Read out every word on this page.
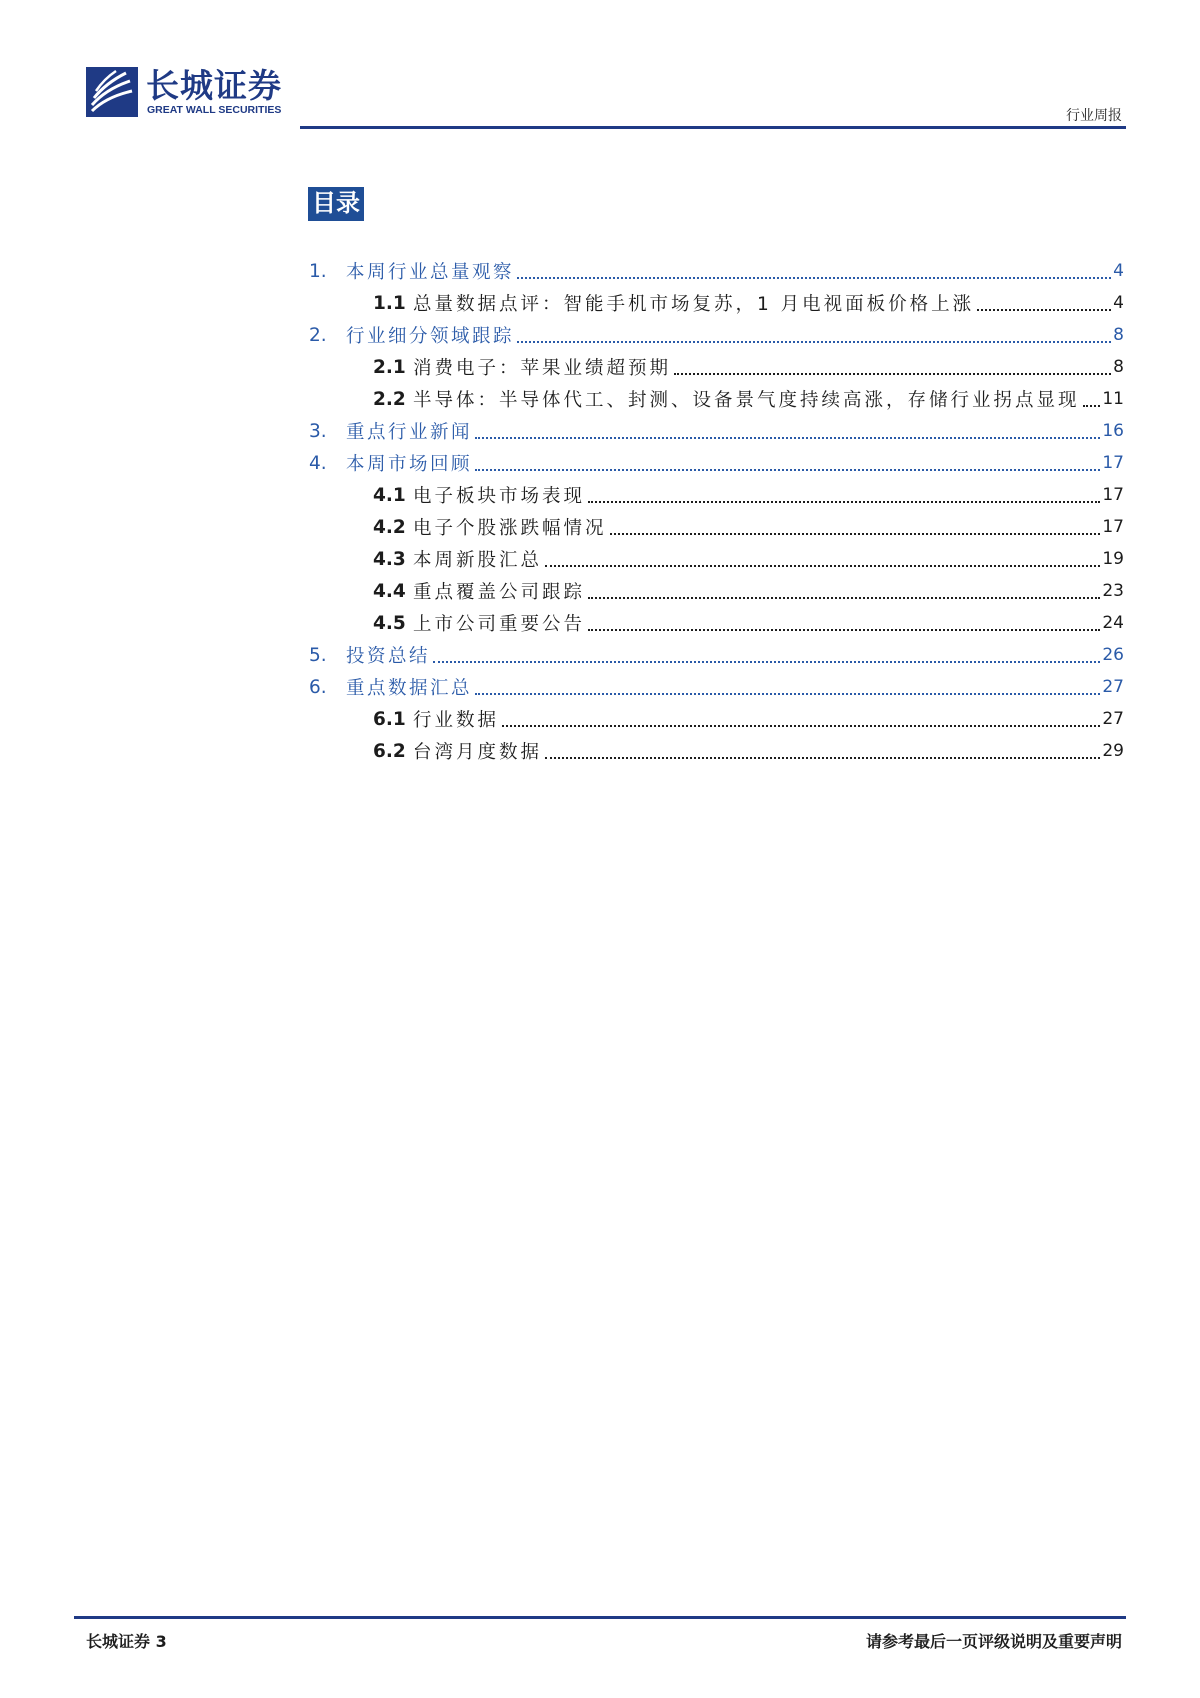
长城证券
GREAT WALL SECURITIES	行业周报
目录
1.	本周行业总量观察	4
1.1 总量数据点评：智能手机市场复苏，1 月电视面板价格上涨	4
2.	行业细分领域跟踪	8
2.1 消费电子：苹果业绩超预期	8
2.2 半导体：半导体代工、封测、设备景气度持续高涨，存储行业拐点显现 11
3.	重点行业新闻	16
4.	本周市场回顾	17
4.1 电子板块市场表现	17
4.2 电子个股涨跌幅情况	17
4.3 本周新股汇总	19
4.4 重点覆盖公司跟踪	23
4.5 上市公司重要公告	24
5.	投资总结	26
6.	重点数据汇总	27
6.1 行业数据	27
6.2 台湾月度数据	29
长城证券 3	请参考最后一页评级说明及重要声明
